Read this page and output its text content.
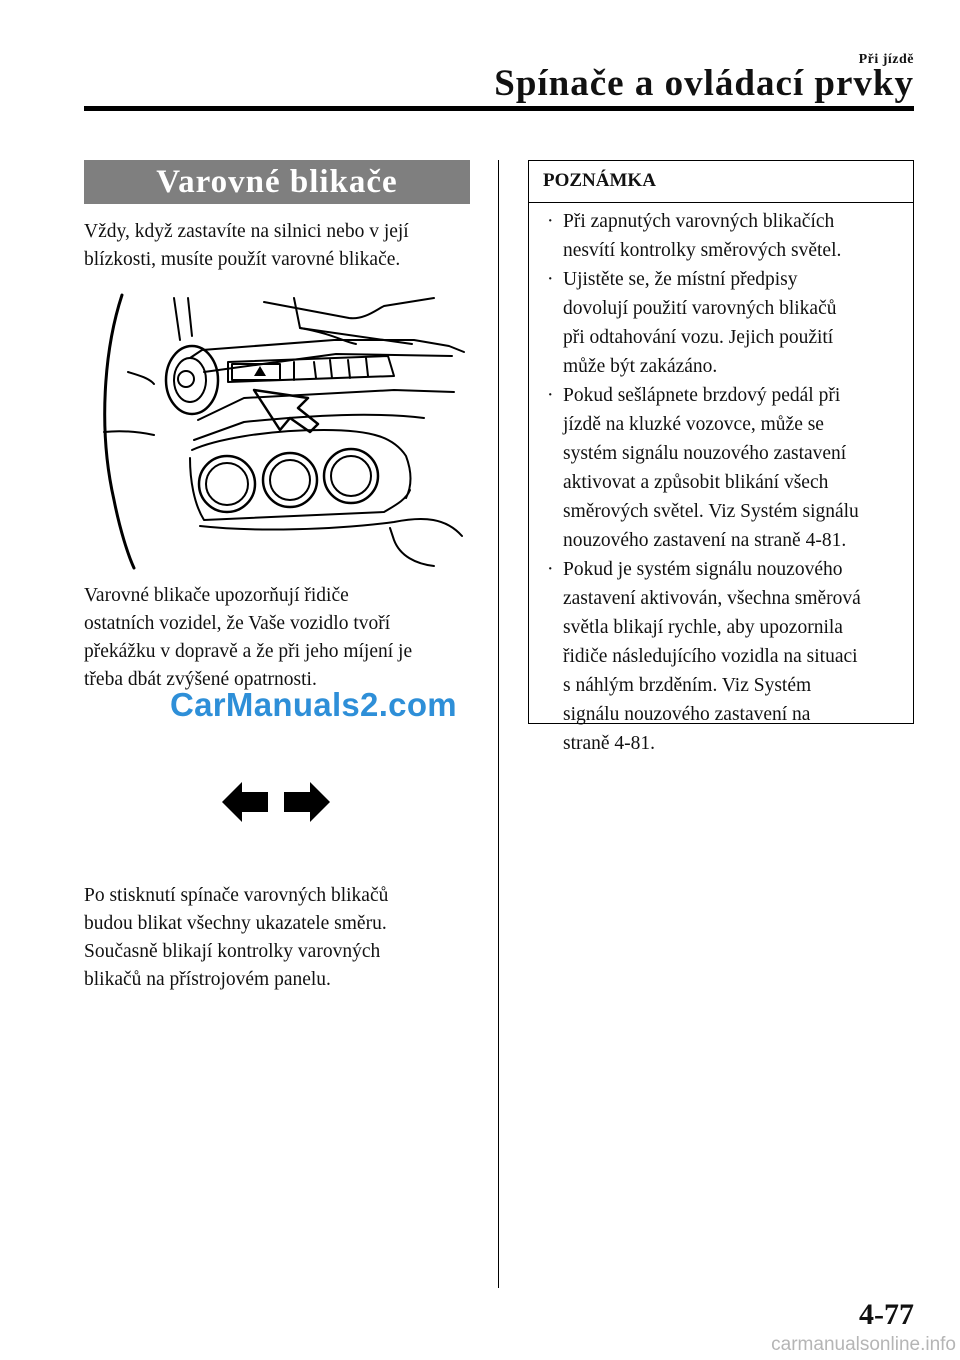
Při jízdě
Spínače a ovládací prvky
Varovné blikače

Vždy, když zastavíte na silnici nebo v její

blízkosti, musíte použít varovné blikače.

Varovné blikače upozorňují řidiče

ostatních vozidel, že Vaše vozidlo tvoří

překážku v dopravě a že při jeho míjení je

třeba dbát zvýšené opatrnosti.

CarManuals2.com

Po stisknutí spínače varovných blikačů

budou blikat všechny ukazatele směru.

Současně blikají kontrolky varovných

blikačů na přístrojovém panelu.

POZNÁMKA
· Při zapnutých varovných blikačích

nesvítí kontrolky směrových světel.

· Ujistěte se, že místní předpisy

dovolují použití varovných blikačů

při odtahování vozu. Jejich použití

může být zakázáno.

· Pokud sešlápnete brzdový pedál při

jízdě na kluzké vozovce, může se

systém signálu nouzového zastavení

aktivovat a způsobit blikání všech

směrových světel. Viz Systém signálu

nouzového zastavení na straně 4-81.

· Pokud je systém signálu nouzového

zastavení aktivován, všechna směrová

světla blikají rychle, aby upozornila

řidiče následujícího vozidla na situaci

s náhlým brzděním. Viz Systém

signálu nouzového zastavení na

straně 4-81.

4-77
carmanualsonline.info
